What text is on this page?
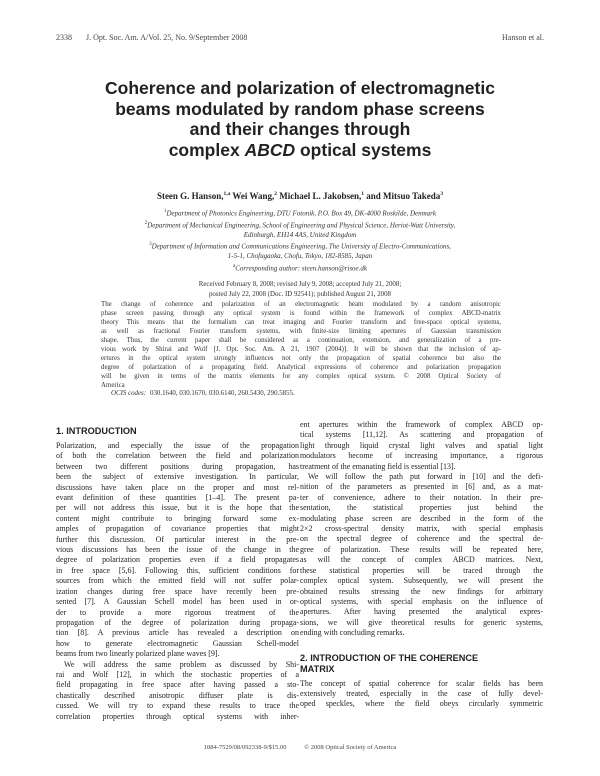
2338 J. Opt. Soc. Am. A/Vol. 25, No. 9/September 2008	Hanson et al.
Coherence and polarization of electromagnetic
beams modulated by random phase screens
and their changes through
complex ABCD optical systems
Steen G. Hanson,$^{1,a}$ Wei Wang,$^2$ Michael L. Jakobsen,$^1$ and Mitsuo Takeda$^3$
$^1$Department of Photonics Engineering, DTU Fotonik, P.O. Box 49, DK-4000 Roskilde, Denmark
$^2$Department of Mechanical Engineering, School of Engineering and Physical Science, Heriot-Watt University,
Edinburgh, EH14 4AS, United Kingdom
$^3$Department of Information and Communications Engineering, The University of Electro-Communications,
1-5-1, Chofugaoka, Chofu, Tokyo, 182-8585, Japan
$^a$Corresponding author: steen.hanson@risoe.dk
Received February 8, 2008; revised July 9, 2008; accepted July 21, 2008;
posted July 22, 2008 (Doc. ID 92541); published August 21, 2008
The change of coherence and polarization of an electromagnetic beam modulated by a random anisotropic
phase screen passing through any optical system is found within the framework of complex ABCD-matrix
theory This means that the formalism can treat imaging and Fourier transform and free-space optical systems,
as well as fractional Fourier transform systems, with finite-size limiting apertures of Gaussian transmission
shape. Thus, the current paper shall be considered as a continuation, extension, and generalization of a pre-
vious work by Shirai and Wolf [J. Opt. Soc. Am. A 21, 1907 (2004)]. It will be shown that the inclusion of ap-
ertures in the optical system strongly influences not only the propagation of spatial coherence but also the
degree of polarization of a propagating field. Analytical expressions of coherence and polarization propagation
will be given in terms of the matrix elements for any complex optical system. © 2008 Optical Society of
America
OCIS codes: 030.1640, 030.1670, 030.6140, 260.5430, 290.5855.
1. INTRODUCTION
Polarization, and especially the issue of the propagation
of both the correlation between the field and polarization
between two different positions during propagation, has
been the subject of extensive investigation. In particular,
discussions have taken place on the proper and most rel-
evant definition of these quantities [1–4]. The present pa-
per will not address this issue, but it is the hope that the
content might contribute to bringing forward some ex-
amples of propagation of covariance properties that might
further this discussion. Of particular interest in the pre-
vious discussions has been the issue of the change in the
degree of polarization properties even if a field propagates
in free space [5,6]. Following this, sufficient conditions for
sources from which the emitted field will not suffer polar-
ization changes during free space have recently been pre-
sented [7]. A Gaussian Schell model has been used in or-
der to provide a more rigorous treatment of the
propagation of the degree of polarization during propaga-
tion [8]. A previous article has revealed a description on
how to generate electromagnetic Gaussian Schell-model
beams from two linearly polarized plane waves [9].
We will address the same problem as discussed by Shi-
rai and Wolf [12], in which the stochastic properties of a
field propagating in free space after having passed a sto-
chastically described anisotropic diffuser plate is dis-
cussed. We will try to expand these results to trace the
correlation properties through optical systems with inher-
ent apertures within the framework of complex ABCD op-
tical systems [11,12]. As scattering and propagation of
light through liquid crystal light valves and spatial light
modulators become of increasing importance, a rigorous
treatment of the emanating field is essential [13].
We will follow the path put forward in [10] and the defi-
nition of the parameters as presented in [6] and, as a mat-
ter of convenience, adhere to their notation. In their pre-
sentation, the statistical properties just behind the
modulating phase screen are described in the form of the
2×2 cross-spectral density matrix, with special emphasis
on the spectral degree of coherence and the spectral de-
gree of polarization. These results will be repeated here,
as will the concept of complex ABCD matrices. Next,
these statistical properties will be traced through the
complex optical system. Subsequently, we will present the
obtained results stressing the new findings for arbitrary
optical systems, with special emphasis on the influence of
apertures. After having presented the analytical expres-
sions, we will give theoretical results for generic systems,
ending with concluding remarks.
2. INTRODUCTION OF THE COHERENCE
MATRIX
The concept of spatial coherence for scalar fields has been
extensively treated, especially in the case of fully devel-
oped speckles, where the field obeys circularly symmetric
1084-7529/08/092338-9/$15.00	© 2008 Optical Society of America
